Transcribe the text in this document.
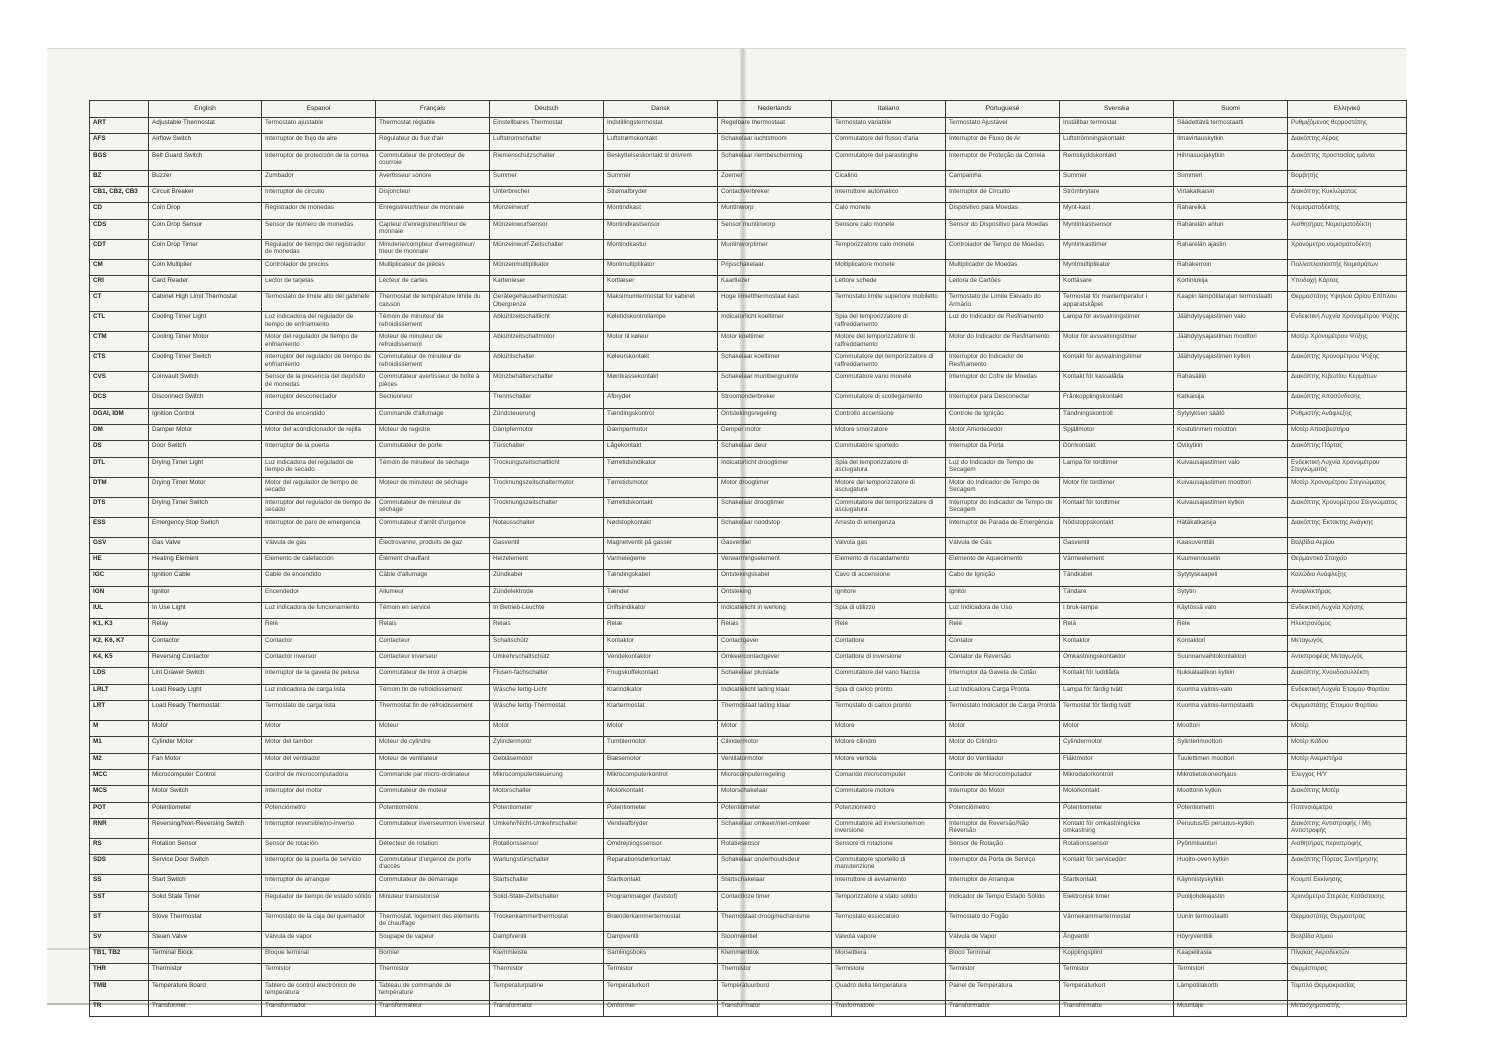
	English	Espanol	Français	Deutsch	Dansk	Nederlands	Italiano	Portuguesé	Svenska	Suomi	Ελληνικά
ART	Adjustable Thermostat	Termostato ajustable	Thermostat réglable	Einstellbares Thermostat	Indstillingstermostat	Regelbare thermostaat	Termostato variabile	Termostato Ajustável	Inställbar termostat	Säädettävä termostaatti	Ρυθμιζόμενος θερμοστάτης
AFS	Airflow Switch	Interruptor de flujo de aire	Régulateur du flux d'air	Luftstromschalter	Luftstrømskontakt	Schakelaar luchtstroom	Commutatore del flusso d'aria	Interruptor de Fluxo de Ar	Luftströmningskontakt	Ilmavirtauskytkin	Διακόπτης Αέρος
BGS	Belt Guard Switch	Interruptor de protección de la correa	Commutateur de protecteur de courroie	Riemenschutzschalter	Beskyttelseskontakt til drivrem	Schakelaar riembescherming	Commutatore del parastinghe	Interruptor de Proteção da Correia	Remskyddskontakt	Hihnasuojakytkin	Διακόπτης προστασίας ιμάντα
BZ	Buzzer	Zumbador	Avertisseur sonore	Summer	Summer	Zoemer	Cicalino	Campainha	Summer	Summeri	Βομβητής
CB1, CB2, CB3	Circuit Breaker	Interruptor de circuito	Disjoncteur	Unterbrecher	Strømafbryder	Contactverbreker	Interruttore automatico	Interruptor de Circuito	Strömbrytare	Virtakatkaisin	Διακόπτης Κυκλώματος
CD	Coin Drop	Registrador de monedas	Enregistreur/trieur de monnaie	Münzeinwurf	Montindkast	Muntinworp	Calo monete	Dispositivo para Moedas	Mynt-kast	Rahareikä	Νομισματοδέκτης
CDS	Coin Drop Sensor	Sensor de número de monedas	Capteur d'enregistreur/trieur de monnaie	Münzeinwurfsensor	Montindkastsensor	Sensor muntinworp	Sensore calo monete	Sensor do Dispositivo para Moedas	Myntinkastsensor	Raharelän anturi	Αισθητήρας Νομισματοδέκτη
CDT	Coin Drop Timer	Regulador de tiempo del registrador de monedas	Minuterie/compteur d'enregistreur/ trieur de monnaie	Münzeinwurf-Zeitschalter	Montindkastur	Muntinworptimer	Temporizzatore calo monete	Controlador de Tempo de Moedas	Myntinkasttimer	Raharelän ajastin	Χρονόμετρο νομισματοδέκτη
CM	Coin Multiplier	Controlador de precios	Multiplicateur de pièces	Münzenmultiplikator	Montmultiplikator	Prijsschakelaar	Moltiplicatore monete	Multiplicador de Moedas	Myntmultiplikator	Rahakerroin	Πολλαπλασιαστής Νομισμάτων
CRI	Card Reader	Lector de tarjetas	Lecteur de cartes	Kartenleser	Kortlæser	Kaartlezer	Lettore schede	Leitora de Cartões	Kortläsare	Kortinlukija	Υποδοχή Κάρτας
CT	Cabinet High Limit Thermostat	Termostato de límite alto del gabinete	Thermostat de température limite du caisson	Gerätegehäusethermostat: Obergrenze	Maksimumtermostat for kabinet	Hoge limietthermostaat kast	Termostato limite superiore mobiletto	Termostato de Limite Elevado do Armário	Termostat för maxtemperatur i apparatskåpet	Kaapin lämpötilarajan termostaatti	Θερμοστάτης Υψηλού Ορίου Επίπλου
CTL	Cooling Timer Light	Luz indicadora del regulador de tiempo de enfriamiento	Témoin de minuteur de refroidissement	Abkühlzeitschaltlicht	Køletidskontrollampe	Indicatorlicht koeltimer	Spia del temporizzatore di raffreddamento	Luz do Indicador de Resfriamento	Lampa för avsvalningstimer	Jäähdytysajastimen valo	Ενδεικτική Λυχνία Χρονομέτρου Ψύξης
CTM	Cooling Timer Motor	Motor del regulador de tiempo de enfriamiento	Moteur de minuteur de refroidissement	Abkühlzeitschaltmotor	Motor til køleur	Motor koeltimer	Motore del temporizzatore di raffreddamento	Motor do Indicador de Resfriamento	Motor för avsvalningstimer	Jäähdytysajastimen moottori	Μοτέρ Χρονομέτρου Ψύξης
CTS	Cooling Timer Switch	Interruptor del regulador de tiempo de enfriamiento	Commutateur de minuteur de refroidissement	Abkühlschalter	Køleurskontakt	Schakelaar koeltimer	Commutatore del temporizzatore di raffreddamento	Interruptor do Indicador de Resfriamento	Kontakt för avsvalningstimer	Jäähdytysajastimen kytkin	Διακόπτης Χρονομέτρου Ψύξης
CVS	Coinvault Switch	Sensor de la presencia del depósito de monedas	Commutateur avertisseur de boîte à pièces	Münzbehälterschalter	Møntkassekontakt	Schakelaar muntbergruimte	Commutatore vano monete	Interruptor do Cofre de Moedas	Kontakt för kassalåda	Rahasäiliö	Διακόπτης Κιβωτίου Κερμάτων
DCS	Disconnect Switch	Interruptor desconectador	Sectionneur	Trennschalter	Afbryder	Stroomonderbreker	Commutatore di scollegamento	Interruptor para Desconectar	Frånkopplingskontakt	Katkaisija	Διακόπτης Αποσύνδεσης
DGAI, IDM	Ignition Control	Control de encendido	Commande d'allumage	Zündsteuerung	Tændingskontrol	Ontstekingsregeling	Controllo accensione	Controle de Ignição	Tändningskontroll	Sytytyksen säätö	Ρυθμιστής Ανάφλεξης
DM	Damper Motor	Motor del acondicionador de rejilla	Moteur de registre	Dämpfermotor	Dæmpermotor	Demper motor	Motore smorzatore	Motor Amortecedor	Spjällmotor	Kostutinmen moottori	Μοτέρ Αποσβεστήρα
DS	Door Switch	Interruptor de la puerta	Commutateur de porte	Türschalter	Lågekontakt	Schakelaar deur	Commutatore sportello	Interruptor da Porta	Dörrkontakt	Ovikytkin	Διακόπτης Πόρτας
DTL	Drying Timer Light	Luz indicadora del regulador de tiempo de secado	Témoin de minuteur de séchage	Trockungszeitschaltlicht	Tørretidsindikator	Indicatorlicht droogtimer	Spia del temporizzatore di asciugatura	Luz do Indicador de Tempo de Secagem	Lampa för tordtimer	Kuivausajastimen valo	Ενδεικτική Λυχνία Χρονομέτρου Στεγνώματος
DTM	Drying Timer Motor	Motor del regulador de tiempo de secado	Moteur de minuteur de séchage	Trocknungszeitschaltermotor	Tørretidsmotor	Motor droogtimer	Motore del temporizzatore di asciugatura	Motor do Indicador de Tempo de Secagem	Motor för tordtimer	Kuivausajastimen moottori	Μοτέρ Χρονομέτρου Στεγνώματος
DTS	Drying Timer Switch	Interruptor del regulador de tiempo de secado	Commutateur de minuteur de séchage	Trocknungszeitschalter	Tørretidskontakt	Schakelaar droogtimer	Commutatore del temporizzatore di asciugatura	Interruptor do Indicador de Tempo de Secagem	Kontakt för tordtimer	Kuivausajastimen kytkin	Διακόπτης Χρονομέτρου Στεγνώματος
ESS	Emergency Stop Switch	Interruptor de paro de emergencia	Commutateur d'arrêt d'urgence	Notausschalter	Nødstopkontakt	Schakelaar noodstop	Arresto di emergenza	Interruptor de Parada de Emergência	Nödstoppskontakt	Hätäkatkaisija	Διακόπτης Έκτακτης Ανάγκης
GSV	Gas Valve	Válvula de gas	Électrovanne, produits de gaz	Gasventil	Magnetventil på gasser	Gasventiel	Valvola gas	Válvula de Gás	Gasventil	Kaasuventtiili	Βαλβίδα Αερίου
HE	Heating Element	Elemento de calefacción	Élément chauffant	Heizelement	Varmelegeme	Verwarmingselement	Elemento di riscaldamento	Elemento de Aquecimento	Värmeelement	Kuumennuselin	Θερμαντικό Στοιχείο
IGC	Ignition Cable	Cable de encendido	Câble d'allumage	Zündkabel	Tændingskabel	Ontstekingskabel	Cavo di accensione	Cabo de Ignição	Tändkabel	Sytytyskaapeli	Καλώδιο Ανάφλεξης
IGN	Ignitor	Encendedor	Allumeur	Zündelektrode	Tænder	Ontsteking	Ignitore	Ignitor	Tändare	Sytytin	Αναφλεκτήρας
IUL	In Use Light	Luz indicadora de funcionamiento	Témoin en service	In Betrieb-Leuchte	Driftsindikator	Indicatielicht in werking	Spia di utilizzo	Luz Indicadora de Uso	I bruk-lampa	Käytössä valo	Ενδεικτική Λυχνία Χρήσης
K1, K3	Relay	Relé	Relais	Relais	Relæ	Relais	Relè	Relé	Relä	Rele	Ηλεκτρονόμος
K2, K6, K7	Contactor	Contactor	Contacteur	Schaltschütz	Kontaktor	Contactgever	Contattore	Contator	Kontaktor	Kontaktori	Μεταγωγός
K4, K5	Reversing Contactor	Contactor inversor	Contacteur inverseur	Umkehrschaltschütz	Vendekontaktor	Omkeercontactgever	Contattore di inversione	Contator de Reversão	Omkastningskontaktor	Suunnanvaihtokontaktori	Αντιστροφέας Μεταγωγός
LDS	Lint Drawer Switch	Interruptor de la gaveta de pelusa	Commutateur de tiroir à charpie	Flusen-fachschalter	Fnugskuffekontakt	Schakelaar pluislade	Commutatore del vano filaccia	Interruptor da Gaveta de Cotão	Kontakt för luddlåda	Nukkalaatikon kytkin	Διακόπτης Χνουδοσυλλέκτη
LRLT	Load Ready Light	Luz indicadora de carga lista	Témoin fin de refroidissement	Wäsche fertig-Licht	Klarindikator	Indicatielicht lading klaar	Spia di carico pronto	Luz Indicadora Carga Pronta	Lampa för färdig tvätt	Kuorma valmis-valo	Ενδεικτική Λυχνία Έτοιμου Φορτίου
LRT	Load Ready Thermostat	Termostato de carga lista	Thermostat fin de refroidissement	Wäsche fertig-Thermostat	Klartermostat	Thermostaat lading klaar	Termostato di carico pronto	Termostato Indicador de Carga Pronta	Termostat för färdig tvätt	Kuorma valmis-termostaatti	Θερμοστάτης Έτοιμου Φορτίου
M	Motor	Motor	Moteur	Motor	Motor	Motor	Motore	Motor	Motor	Moottori	Μοτέρ
M1	Cylinder Motor	Motor del tambor	Moteur de cylindre	Zylindermotor	Tumblermotor	Cilindermotor	Motore cilindro	Motor do Cilindro	Cylindermotor	Sylinterimoottori	Μοτέρ Κάδου
M2	Fan Motor	Motor del ventilador	Moteur de ventilateur	Gebläsemotor	Blæsemotor	Ventilatormotor	Motore ventola	Motor do Ventilador	Fläktmotor	Tuulettimen moottori	Μοτέρ Ανεμιστήρα
MCC	Microcomputer Control	Control de microcomputadora	Commande par micro-ordinateur	Mikrocomputersteuerung	Mikrocomputerkontrol	Microcomputerregeling	Comando microcomputer	Controle de Microcomputador	Mikrodatorkontroll	Mikrotietokoneohjaus	Έλεγχος Η/Υ
MCS	Motor Switch	Interruptor del motor	Commutateur de moteur	Motorschalter	Motorkontakt	Motorschakelaar	Commutatore motore	Interruptor do Motor	Motorkontakt	Moottorin kytkin	Διακόπτης Μοτέρ
POT	Potentiometer	Potenciómetro	Potentiomètre	Potentiometer	Potentiometer	Potentiometer	Potenziometro	Potenciômetro	Potentiometer	Potentiometri	Ποτενσιόμετρο
RNR	Reversing/Non-Reversing Switch	Interruptor reversible/no-inverso	Commutateur inverseur/non inverseur	Umkehr/Nicht-Umkehrschalter	Vendeafbryder	Schakelaar omkeer/niet-omkeer	Commutatore ad inversione/non inversione	Interruptor de Reversão/Não Reversão	Kontakt för omkastning/icke omkastning	Peruutus/Ei peruutus-kytkin	Διακόπτης Αντιστροφής / Μη Αντιστροφής
RS	Rotation Sensor	Sensor de rotación	Détecteur de rotation	Rotationssensor	Omdrejningssensor	Rotatiesensor	Sensore di rotazione	Sensor de Rotação	Rotationssensor	Pyörimisanturi	Αισθητήρας περιστροφής
SDS	Service Door Switch	Interruptor de la puerta de servicio	Commutateur d'urgence de porte d'accès	Wartungstürschalter	Reparationsdørkontakt	Schakelaar onderhoudsdeur	Commutatore sportello di manutenzione	Interruptor da Porta de Serviço	Kontakt för servicedörr	Huolto-oven kytkin	Διακόπτης Πόρτας Συντήρησης
SS	Start Switch	Interruptor de arranque	Commutateur de démarrage	Startschalter	Startkontakt	Startschakelaar	Interruttore di avviamento	Interruptor de Arranque	Startkontakt	Käynnistyskytkin	Κουμπί Εκκίνησης
SST	Solid State Timer	Regulador de tiempo de estado sólido	Minuteur transistorisé	Solid-State-Zeitschalter	Programmæger (faststof)	Contactloze timer	Temporizzatore a stato solido	Indicador de Tempo Estado Sólido	Elektronisk timer	Puolijohdeajastin	Χρονόμετρο Στερεάς Κατάστασης
ST	Stove Thermostat	Termostato de la caja del quemador	Thermostat, logement des éléments de chauffage	Trockenkammerthermostat	Brænderkammertermostat	Thermostaat droogmechanisme	Termostato essiccatoio	Termostato do Fogão	Värmekammartermostat	Uunin termostaatti	Θερμοστάτης Θερμαστρας
SV	Steam Valve	Válvula de vapor	Soupape de vapeur	Dampfventil	Dampventil	Stoomventiel	Valvola vapore	Válvula de Vapor	Ångventil	Höyryventtiili	Βαλβίδα Ατμού
TB1, TB2	Terminal Block	Bloque terminal	Bornier	Klemmleiste	Samlingsboks	Klemmenblok	Morsettiera	Bloco Terminal	Kopplingsplint	Kaapelirasia	Πίνακας Ακροδεκτών
THR	Thermistor	Termistor	Thermistor	Thermistor	Termistor	Thermistor	Termistore	Termistor	Termistor	Termistori	Θερμίστορας
TMB	Temperature Board	Tablero de control electrónico de temperatura	Tableau de commande de température	Temperaturplatine	Temperaturkort	Temperatuurbord	Quadro della temperatura	Painel de Temperatura	Temperaturkort	Lämpötilakortti	Ταμπλό Θερμοκρασίας
TR	Transformer	Transformador	Transformateur	Transformator	Omformer	Transformator	Trasformatore	Transformador	Transformator	Muuntaja	Μετασχηματιστής
